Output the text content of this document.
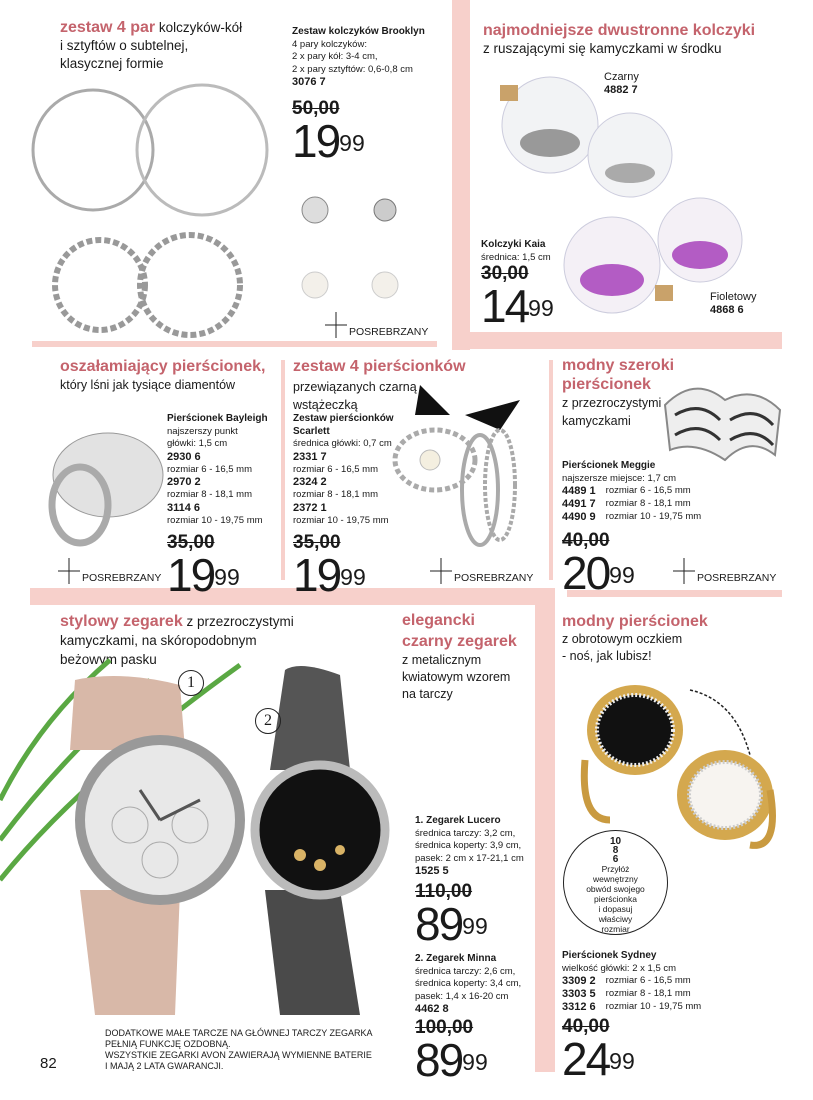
zestaw 4 par kolczyków-kół
i sztyftów o subtelnej,
klasycznej formie
Zestaw kolczyków Brooklyn
4 pary kolczyków:
2 x pary kół: 3-4 cm,
2 x pary sztyftów: 0,6-0,8 cm
3076 7
50,00
$19^{99}$
POSREBRZANY
najmodniejsze dwustronne kolczyki
z ruszającymi się kamyczkami w środku
Czarny
4882 7
Kolczyki Kaia
średnica: 1,5 cm
30,00
$14^{99}$	Fioletowy
4868 6
oszałamiający pierścionek,
który lśni jak tysiące diamentów
Pierścionek Bayleigh
najszerszy punkt
główki: 1,5 cm
2930 6
rozmiar 6 - 16,5 mm
2970 2
rozmiar 8 - 18,1 mm
3114 6
rozmiar 10 - 19,75 mm
35,00
$19^{99}$
POSREBRZANY
zestaw 4 pierścionków
przewiązanych czarną
wstążeczką
Zestaw pierścionków
Scarlett
średnica główki: 0,7 cm
2331 7
rozmiar 6 - 16,5 mm
2324 2
rozmiar 8 - 18,1 mm
2372 1
rozmiar 10 - 19,75 mm
35,00
$19^{99}$	POSREBRZANY
modny szeroki
pierścionek
z przezroczystymi
kamyczkami
Pierścionek Meggie
najszersze miejsce: 1,7 cm
4489 1 rozmiar 6 - 16,5 mm
4491 7 rozmiar 8 - 18,1 mm
4490 9 rozmiar 10 - 19,75 mm
40,00
$20^{99}$	POSREBRZANY
stylowy zegarek z przezroczystymi
kamyczkami, na skóropodobnym
beżowym pasku
1
2
DODATKOWE MAŁE TARCZE NA GŁÓWNEJ TARCZY ZEGARKA
PEŁNIĄ FUNKCJĘ OZDOBNĄ.
WSZYSTKIE ZEGARKI AVON ZAWIERAJĄ WYMIENNE BATERIE
I MAJĄ 2 LATA GWARANCJI.
82
elegancki
czarny zegarek
z metalicznym
kwiatowym wzorem
na tarczy
1. Zegarek Lucero
średnica tarczy: 3,2 cm,
średnica koperty: 3,9 cm,
pasek: 2 cm x 17-21,1 cm
1525 5
110,00
$89^{99}$
2. Zegarek Minna
średnica tarczy: 2,6 cm,
średnica koperty: 3,4 cm,
pasek: 1,4 x 16-20 cm
4462 8
100,00
$89^{99}$
modny pierścionek
z obrotowym oczkiem
- noś, jak lubisz!
10
8
6
Przyłóż
wewnętrzny
obwód swojego
pierścionka
i dopasuj
właściwy
rozmiar
Pierścionek Sydney
wielkość główki: 2 x 1,5 cm
3309 2 rozmiar 6 - 16,5 mm
3303 5 rozmiar 8 - 18,1 mm
3312 6 rozmiar 10 - 19,75 mm
40,00
$24^{99}$
